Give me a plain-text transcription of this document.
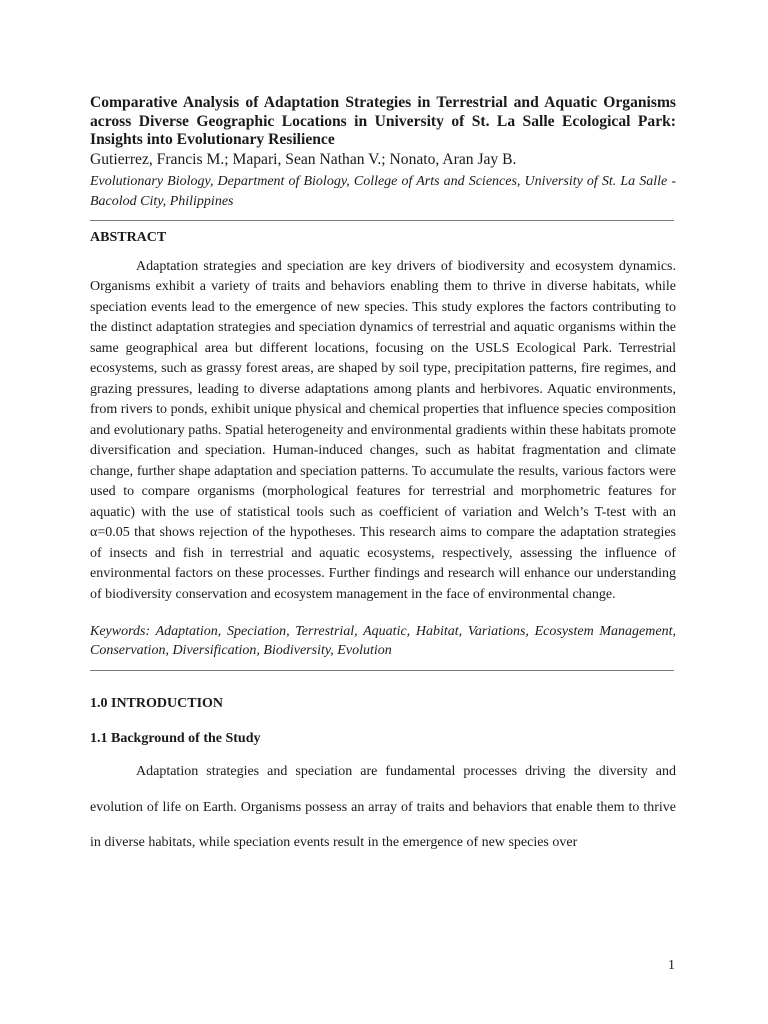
Comparative Analysis of Adaptation Strategies in Terrestrial and Aquatic Organisms across Diverse Geographic Locations in University of St. La Salle Ecological Park: Insights into Evolutionary Resilience

Gutierrez, Francis M.; Mapari, Sean Nathan V.; Nonato, Aran Jay B.

Evolutionary Biology, Department of Biology, College of Arts and Sciences, University of St. La Salle - Bacolod City, Philippines

ABSTRACT

Adaptation strategies and speciation are key drivers of biodiversity and ecosystem dynamics. Organisms exhibit a variety of traits and behaviors enabling them to thrive in diverse habitats, while speciation events lead to the emergence of new species. This study explores the factors contributing to the distinct adaptation strategies and speciation dynamics of terrestrial and aquatic organisms within the same geographical area but different locations, focusing on the USLS Ecological Park. Terrestrial ecosystems, such as grassy forest areas, are shaped by soil type, precipitation patterns, fire regimes, and grazing pressures, leading to diverse adaptations among plants and herbivores. Aquatic environments, from rivers to ponds, exhibit unique physical and chemical properties that influence species composition and evolutionary paths. Spatial heterogeneity and environmental gradients within these habitats promote diversification and speciation. Human-induced changes, such as habitat fragmentation and climate change, further shape adaptation and speciation patterns. To accumulate the results, various factors were used to compare organisms (morphological features for terrestrial and morphometric features for aquatic) with the use of statistical tools such as coefficient of variation and Welch’s T-test with an α=0.05 that shows rejection of the hypotheses. This research aims to compare the adaptation strategies of insects and fish in terrestrial and aquatic ecosystems, respectively, assessing the influence of environmental factors on these processes. Further findings and research will enhance our understanding of biodiversity conservation and ecosystem management in the face of environmental change.

Keywords: Adaptation, Speciation, Terrestrial, Aquatic, Habitat, Variations, Ecosystem Management, Conservation, Diversification, Biodiversity, Evolution

1.0 INTRODUCTION
1.1 Background of the Study

Adaptation strategies and speciation are fundamental processes driving the diversity and evolution of life on Earth. Organisms possess an array of traits and behaviors that enable them to thrive in diverse habitats, while speciation events result in the emergence of new species over

1
